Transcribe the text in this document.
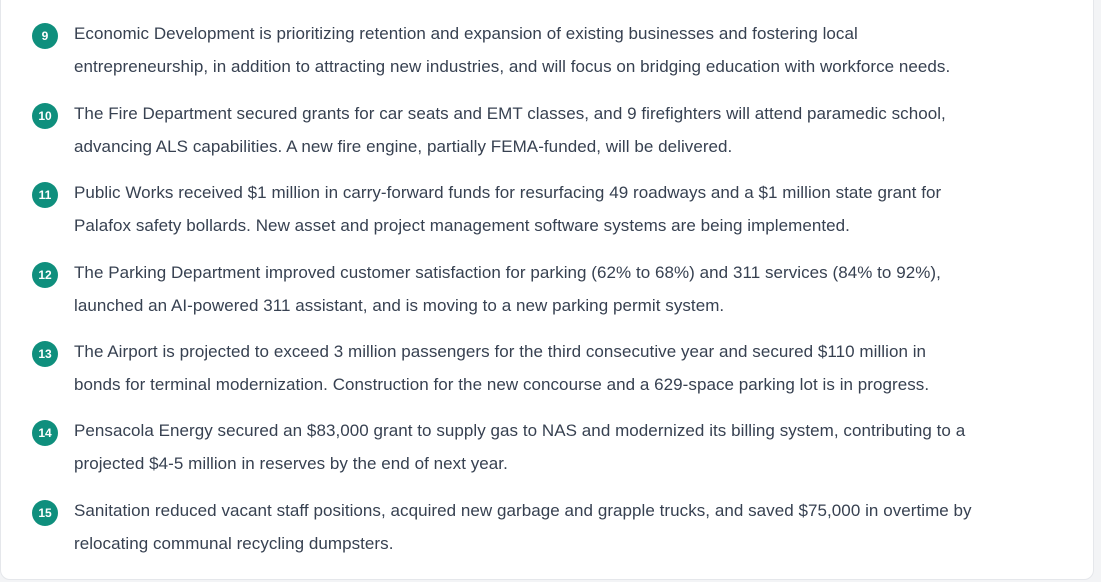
9	Economic Development is prioritizing retention and expansion of existing businesses and fostering local
entrepreneurship, in addition to attracting new industries, and will focus on bridging education with workforce needs.
10	The Fire Department secured grants for car seats and EMT classes, and 9 firefighters will attend paramedic school,
advancing ALS capabilities. A new fire engine, partially FEMA-funded, will be delivered.
11	Public Works received $1 million in carry-forward funds for resurfacing 49 roadways and a $1 million state grant for
Palafox safety bollards. New asset and project management software systems are being implemented.
12	The Parking Department improved customer satisfaction for parking (62% to 68%) and 311 services (84% to 92%),
launched an AI-powered 311 assistant, and is moving to a new parking permit system.
13	The Airport is projected to exceed 3 million passengers for the third consecutive year and secured $110 million in
bonds for terminal modernization. Construction for the new concourse and a 629-space parking lot is in progress.
14	Pensacola Energy secured an $83,000 grant to supply gas to NAS and modernized its billing system, contributing to a
projected $4-5 million in reserves by the end of next year.
15	Sanitation reduced vacant staff positions, acquired new garbage and grapple trucks, and saved $75,000 in overtime by
relocating communal recycling dumpsters.
